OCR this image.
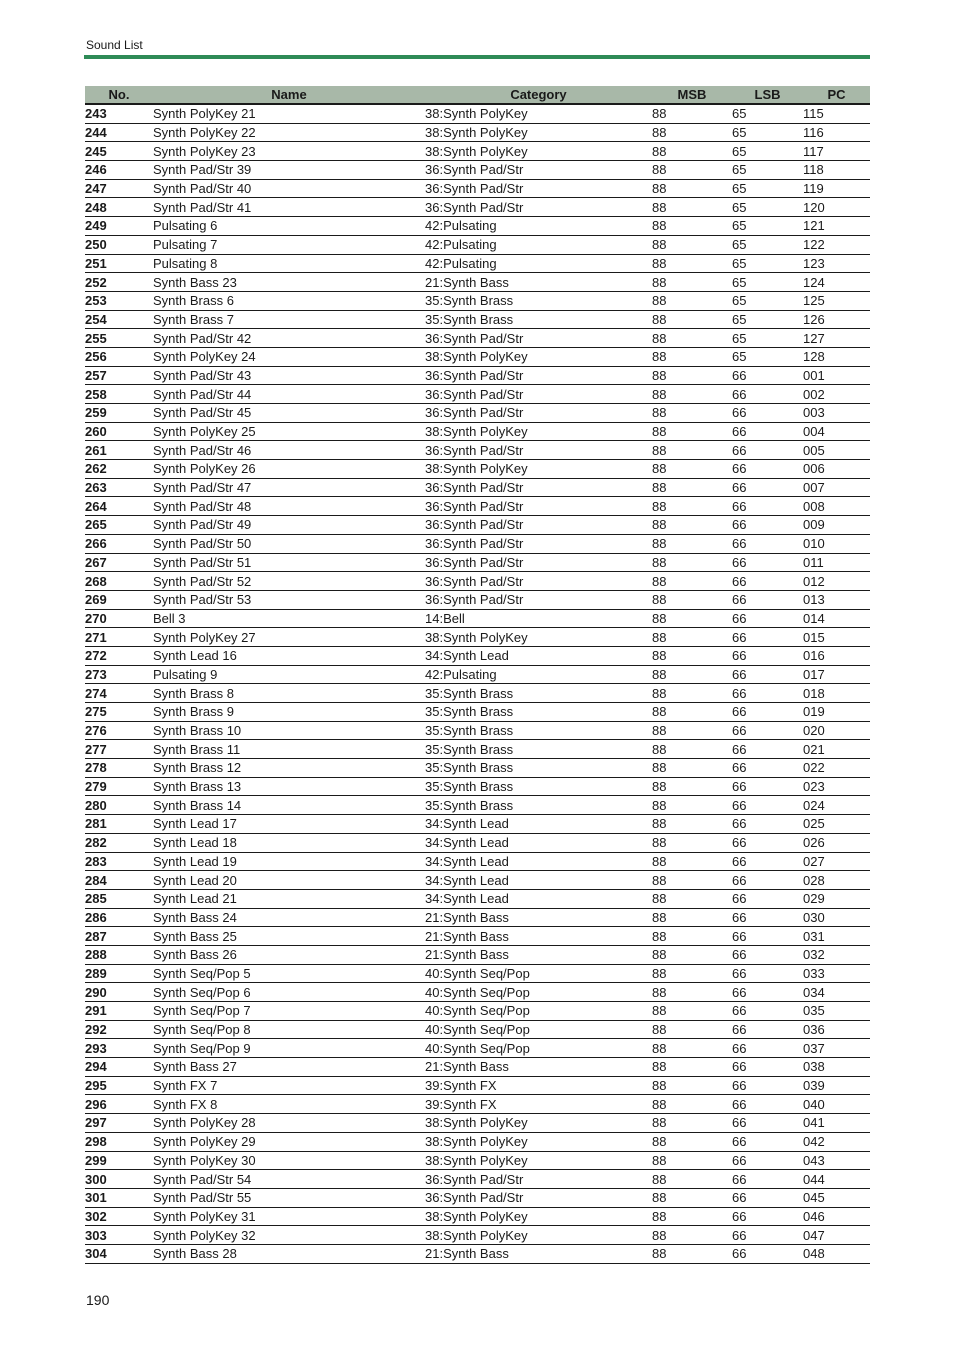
Sound List
No.	Name	Category	MSB	LSB	PC
243	Synth PolyKey 21	38:Synth PolyKey	88	65	115
244	Synth PolyKey 22	38:Synth PolyKey	88	65	116
245	Synth PolyKey 23	38:Synth PolyKey	88	65	117
246	Synth Pad/Str 39	36:Synth Pad/Str	88	65	118
247	Synth Pad/Str 40	36:Synth Pad/Str	88	65	119
248	Synth Pad/Str 41	36:Synth Pad/Str	88	65	120
249	Pulsating 6	42:Pulsating	88	65	121
250	Pulsating 7	42:Pulsating	88	65	122
251	Pulsating 8	42:Pulsating	88	65	123
252	Synth Bass 23	21:Synth Bass	88	65	124
253	Synth Brass 6	35:Synth Brass	88	65	125
254	Synth Brass 7	35:Synth Brass	88	65	126
255	Synth Pad/Str 42	36:Synth Pad/Str	88	65	127
256	Synth PolyKey 24	38:Synth PolyKey	88	65	128
257	Synth Pad/Str 43	36:Synth Pad/Str	88	66	001
258	Synth Pad/Str 44	36:Synth Pad/Str	88	66	002
259	Synth Pad/Str 45	36:Synth Pad/Str	88	66	003
260	Synth PolyKey 25	38:Synth PolyKey	88	66	004
261	Synth Pad/Str 46	36:Synth Pad/Str	88	66	005
262	Synth PolyKey 26	38:Synth PolyKey	88	66	006
263	Synth Pad/Str 47	36:Synth Pad/Str	88	66	007
264	Synth Pad/Str 48	36:Synth Pad/Str	88	66	008
265	Synth Pad/Str 49	36:Synth Pad/Str	88	66	009
266	Synth Pad/Str 50	36:Synth Pad/Str	88	66	010
267	Synth Pad/Str 51	36:Synth Pad/Str	88	66	011
268	Synth Pad/Str 52	36:Synth Pad/Str	88	66	012
269	Synth Pad/Str 53	36:Synth Pad/Str	88	66	013
270	Bell 3	14:Bell	88	66	014
271	Synth PolyKey 27	38:Synth PolyKey	88	66	015
272	Synth Lead 16	34:Synth Lead	88	66	016
273	Pulsating 9	42:Pulsating	88	66	017
274	Synth Brass 8	35:Synth Brass	88	66	018
275	Synth Brass 9	35:Synth Brass	88	66	019
276	Synth Brass 10	35:Synth Brass	88	66	020
277	Synth Brass 11	35:Synth Brass	88	66	021
278	Synth Brass 12	35:Synth Brass	88	66	022
279	Synth Brass 13	35:Synth Brass	88	66	023
280	Synth Brass 14	35:Synth Brass	88	66	024
281	Synth Lead 17	34:Synth Lead	88	66	025
282	Synth Lead 18	34:Synth Lead	88	66	026
283	Synth Lead 19	34:Synth Lead	88	66	027
284	Synth Lead 20	34:Synth Lead	88	66	028
285	Synth Lead 21	34:Synth Lead	88	66	029
286	Synth Bass 24	21:Synth Bass	88	66	030
287	Synth Bass 25	21:Synth Bass	88	66	031
288	Synth Bass 26	21:Synth Bass	88	66	032
289	Synth Seq/Pop 5	40:Synth Seq/Pop	88	66	033
290	Synth Seq/Pop 6	40:Synth Seq/Pop	88	66	034
291	Synth Seq/Pop 7	40:Synth Seq/Pop	88	66	035
292	Synth Seq/Pop 8	40:Synth Seq/Pop	88	66	036
293	Synth Seq/Pop 9	40:Synth Seq/Pop	88	66	037
294	Synth Bass 27	21:Synth Bass	88	66	038
295	Synth FX 7	39:Synth FX	88	66	039
296	Synth FX 8	39:Synth FX	88	66	040
297	Synth PolyKey 28	38:Synth PolyKey	88	66	041
298	Synth PolyKey 29	38:Synth PolyKey	88	66	042
299	Synth PolyKey 30	38:Synth PolyKey	88	66	043
300	Synth Pad/Str 54	36:Synth Pad/Str	88	66	044
301	Synth Pad/Str 55	36:Synth Pad/Str	88	66	045
302	Synth PolyKey 31	38:Synth PolyKey	88	66	046
303	Synth PolyKey 32	38:Synth PolyKey	88	66	047
304	Synth Bass 28	21:Synth Bass	88	66	048
190
